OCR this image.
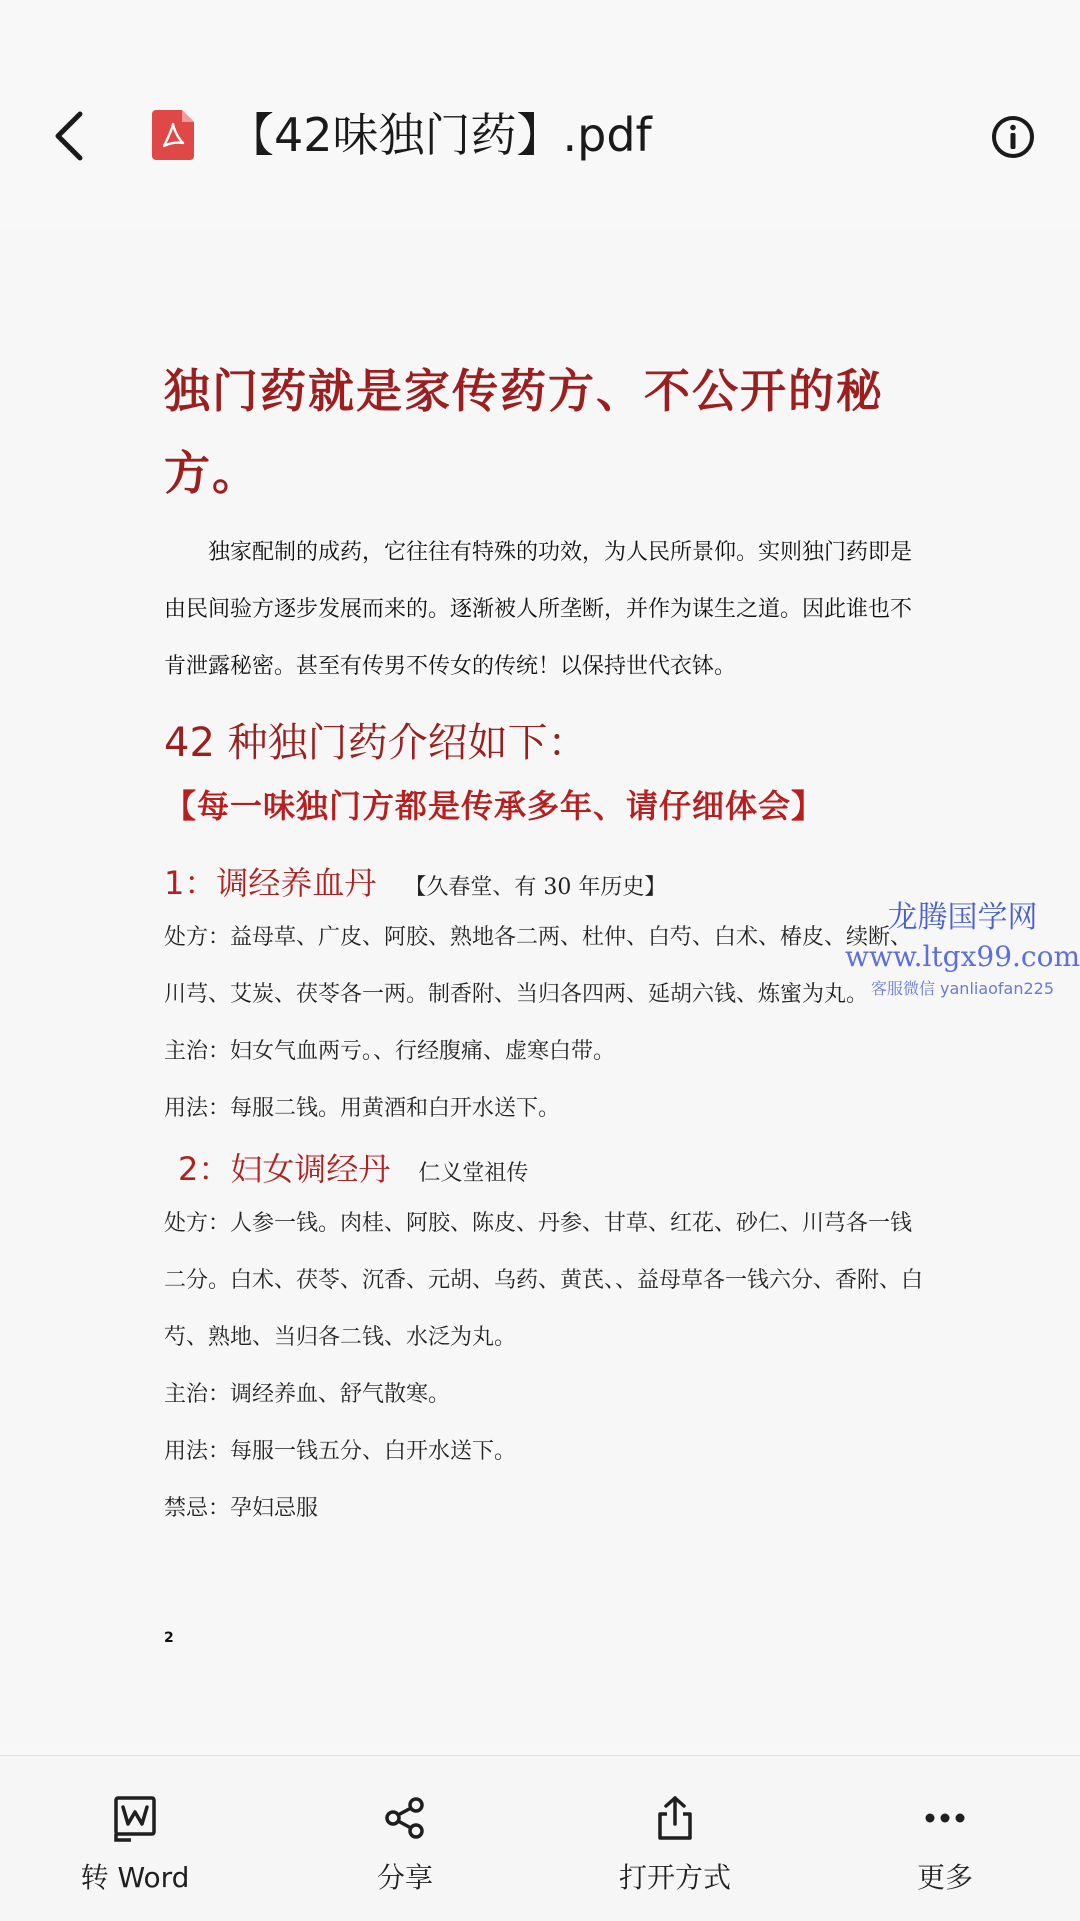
【42味独门药】.pdf

独门药就是家传药方、不公开的秘方。

独家配制的成药，它往往有特殊的功效，为人民所景仰。实则独门药即是由民间验方逐步发展而来的。逐渐被人所垄断，并作为谋生之道。因此谁也不肯泄露秘密。甚至有传男不传女的传统！以保持世代衣钵。

42 种独门药介绍如下：

【每一味独门方都是传承多年、请仔细体会】

1：调经养血丹 【久春堂、有 30 年历史】

处方：益母草、广皮、阿胶、熟地各二两、杜仲、白芍、白术、椿皮、续断、川芎、艾炭、茯苓各一两。制香附、当归各四两、延胡六钱、炼蜜为丸。

主治：妇女气血两亏。、行经腹痛、虚寒白带。

用法：每服二钱。用黄酒和白开水送下。

2：妇女调经丹 仁义堂祖传

处方：人参一钱。肉桂、阿胶、陈皮、丹参、甘草、红花、砂仁、川芎各一钱二分。白术、茯苓、沉香、元胡、乌药、黄芪、、益母草各一钱六分、香附、白芍、熟地、当归各二钱、水泛为丸。

主治：调经养血、舒气散寒。

用法：每服一钱五分、白开水送下。

禁忌：孕妇忌服

2
龙腾国学网
www.ltgx99.com
客服微信 yanliaofan225
转 Word	分享	打开方式	更多
